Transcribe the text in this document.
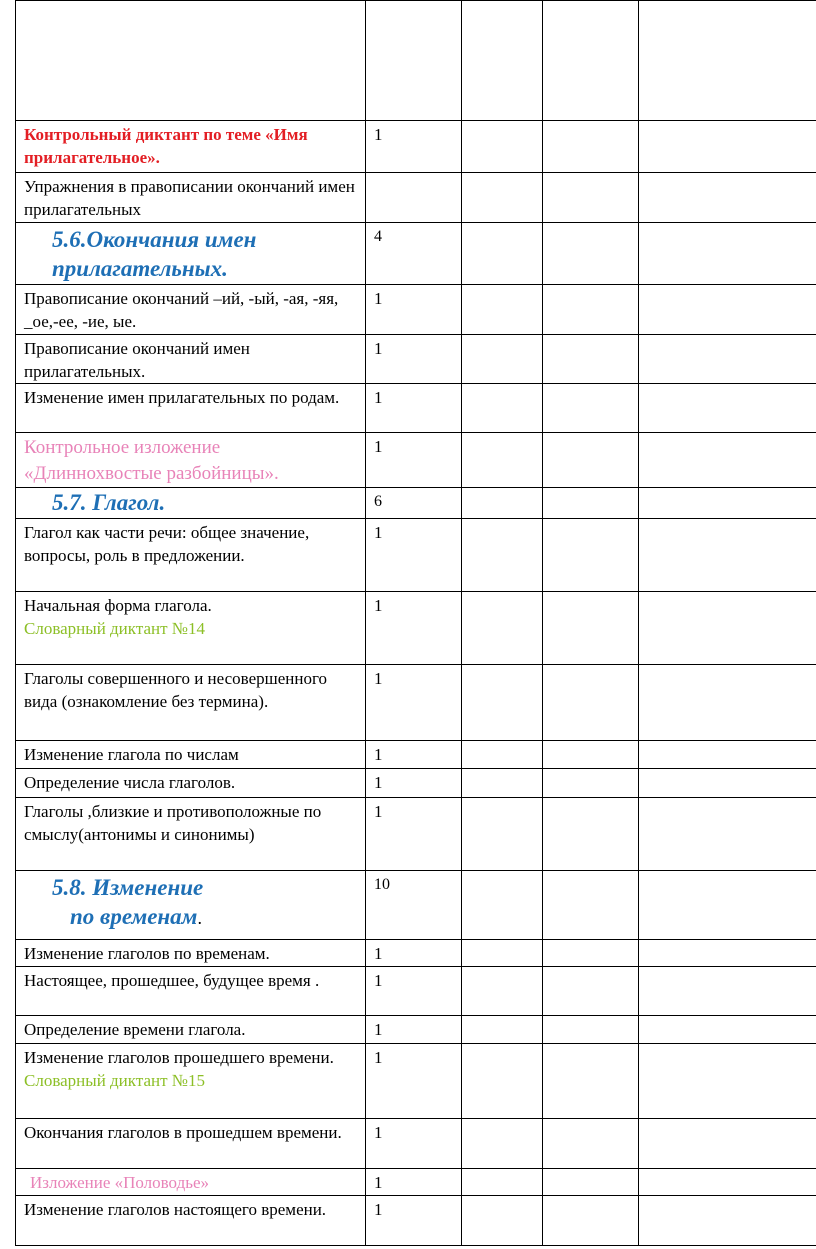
Контрольный диктант по теме «Имя прилагательное».	1			
Упражнения в правописании окончаний имен прилагательных				

5.6.Окончания имен
прилагательных.	4			
Правописание окончаний –ий, -ый, -ая, -яя, _ое,-ее, -ие, ые.	1			
Правописание окончаний имен прилагательных.	1			
Изменение имен прилагательных по родам.	1			
Контрольное изложение «Длиннохвостые разбойницы».	1			

5.7. Глагол.	6			
Глагол как части речи: общее значение, вопросы, роль в предложении.	1			
Начальная форма глагола.
Словарный диктант №14	1			
Глаголы совершенного и несовершенного вида (ознакомление без термина).	1			
Изменение глагола по числам	1			
Определение числа глаголов.	1			
Глаголы ,близкие и противоположные по смыслу(антонимы и синонимы)	1			

5.8. Изменение
по временам.	10			
Изменение глаголов по временам.	1			
Настоящее, прошедшее, будущее время .	1			
Определение времени глагола.	1			
Изменение глаголов прошедшего времени. Словарный диктант №15	1			
Окончания глаголов в прошедшем времени.	1			
Изложение «Половодье»	1			
Изменение глаголов настоящего времени.	1			
